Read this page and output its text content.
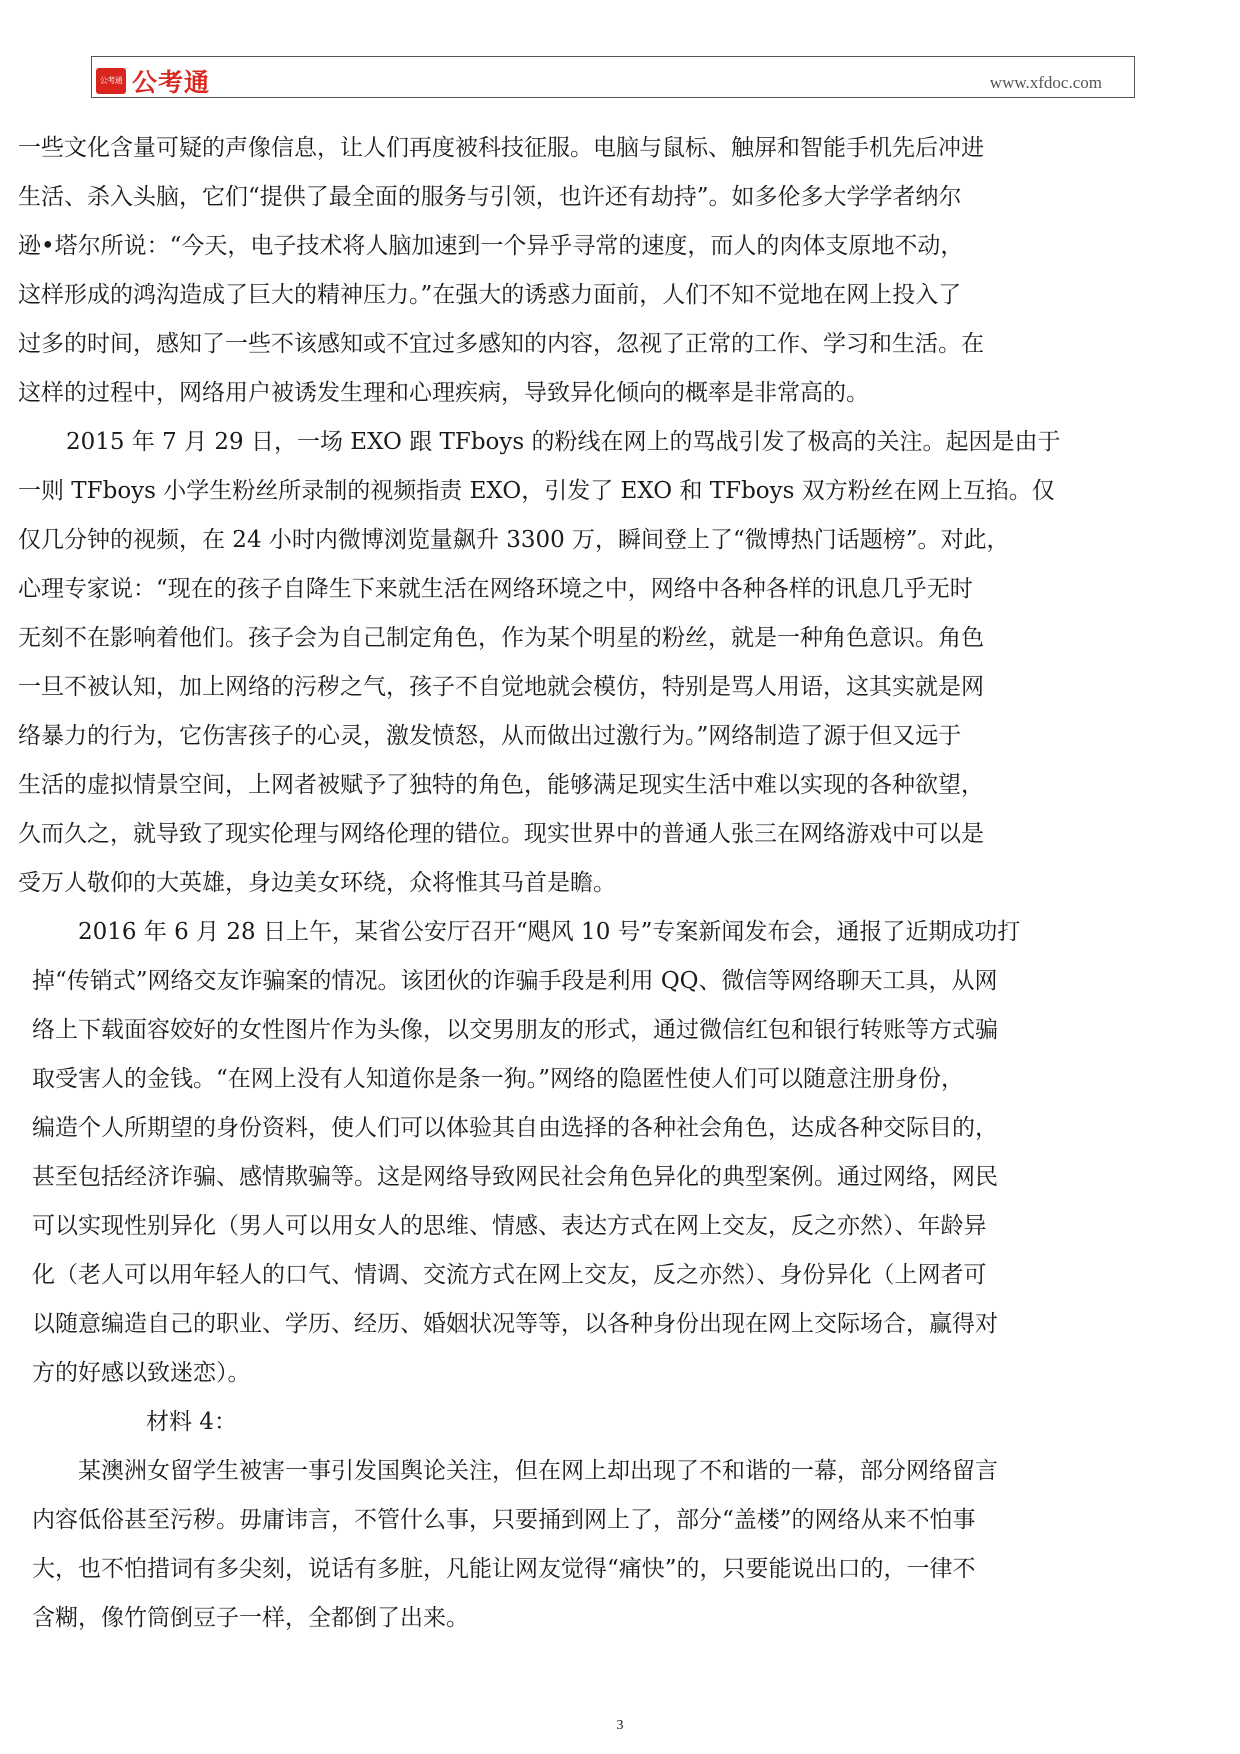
公考通 公考通	www.xfdoc.com

一些文化含量可疑的声像信息，让人们再度被科技征服。电脑与鼠标、触屏和智能手机先后冲进
生活、杀入头脑，它们“提供了最全面的服务与引领，也许还有劫持”。如多伦多大学学者纳尔
逊•塔尔所说：“今天，电子技术将人脑加速到一个异乎寻常的速度，而人的肉体支原地不动，
这样形成的鸿沟造成了巨大的精神压力。”在强大的诱惑力面前，人们不知不觉地在网上投入了
过多的时间，感知了一些不该感知或不宜过多感知的内容，忽视了正常的工作、学习和生活。在
这样的过程中，网络用户被诱发生理和心理疾病，导致异化倾向的概率是非常高的。

2015 年 7 月 29 日，一场 EXO 跟 TFboys 的粉线在网上的骂战引发了极高的关注。起因是由于
一则 TFboys 小学生粉丝所录制的视频指责 EXO，引发了 EXO 和 TFboys 双方粉丝在网上互掐。仅
仅几分钟的视频，在 24 小时内微博浏览量飙升 3300 万，瞬间登上了“微博热门话题榜”。对此，
心理专家说：“现在的孩子自降生下来就生活在网络环境之中，网络中各种各样的讯息几乎无时
无刻不在影响着他们。孩子会为自己制定角色，作为某个明星的粉丝，就是一种角色意识。角色
一旦不被认知，加上网络的污秽之气，孩子不自觉地就会模仿，特别是骂人用语，这其实就是网
络暴力的行为，它伤害孩子的心灵，激发愤怒，从而做出过激行为。”网络制造了源于但又远于
生活的虚拟情景空间，上网者被赋予了独特的角色，能够满足现实生活中难以实现的各种欲望，
久而久之，就导致了现实伦理与网络伦理的错位。现实世界中的普通人张三在网络游戏中可以是
受万人敬仰的大英雄，身边美女环绕，众将惟其马首是瞻。

2016 年 6 月 28 日上午，某省公安厅召开“飓风 10 号”专案新闻发布会，通报了近期成功打
掉“传销式”网络交友诈骗案的情况。该团伙的诈骗手段是利用 QQ、微信等网络聊天工具，从网
络上下载面容姣好的女性图片作为头像，以交男朋友的形式，通过微信红包和银行转账等方式骗
取受害人的金钱。“在网上没有人知道你是条一狗。”网络的隐匿性使人们可以随意注册身份，
编造个人所期望的身份资料，使人们可以体验其自由选择的各种社会角色，达成各种交际目的，
甚至包括经济诈骗、感情欺骗等。这是网络导致网民社会角色异化的典型案例。通过网络，网民
可以实现性别异化（男人可以用女人的思维、情感、表达方式在网上交友，反之亦然）、年龄异
化（老人可以用年轻人的口气、情调、交流方式在网上交友，反之亦然）、身份异化（上网者可
以随意编造自己的职业、学历、经历、婚姻状况等等，以各种身份出现在网上交际场合，赢得对
方的好感以致迷恋）。

材料 4：

某澳洲女留学生被害一事引发国舆论关注，但在网上却出现了不和谐的一幕，部分网络留言
内容低俗甚至污秽。毋庸讳言，不管什么事，只要捅到网上了，部分“盖楼”的网络从来不怕事
大，也不怕措词有多尖刻，说话有多脏，凡能让网友觉得“痛快”的，只要能说出口的，一律不
含糊，像竹筒倒豆子一样，全都倒了出来。

3
